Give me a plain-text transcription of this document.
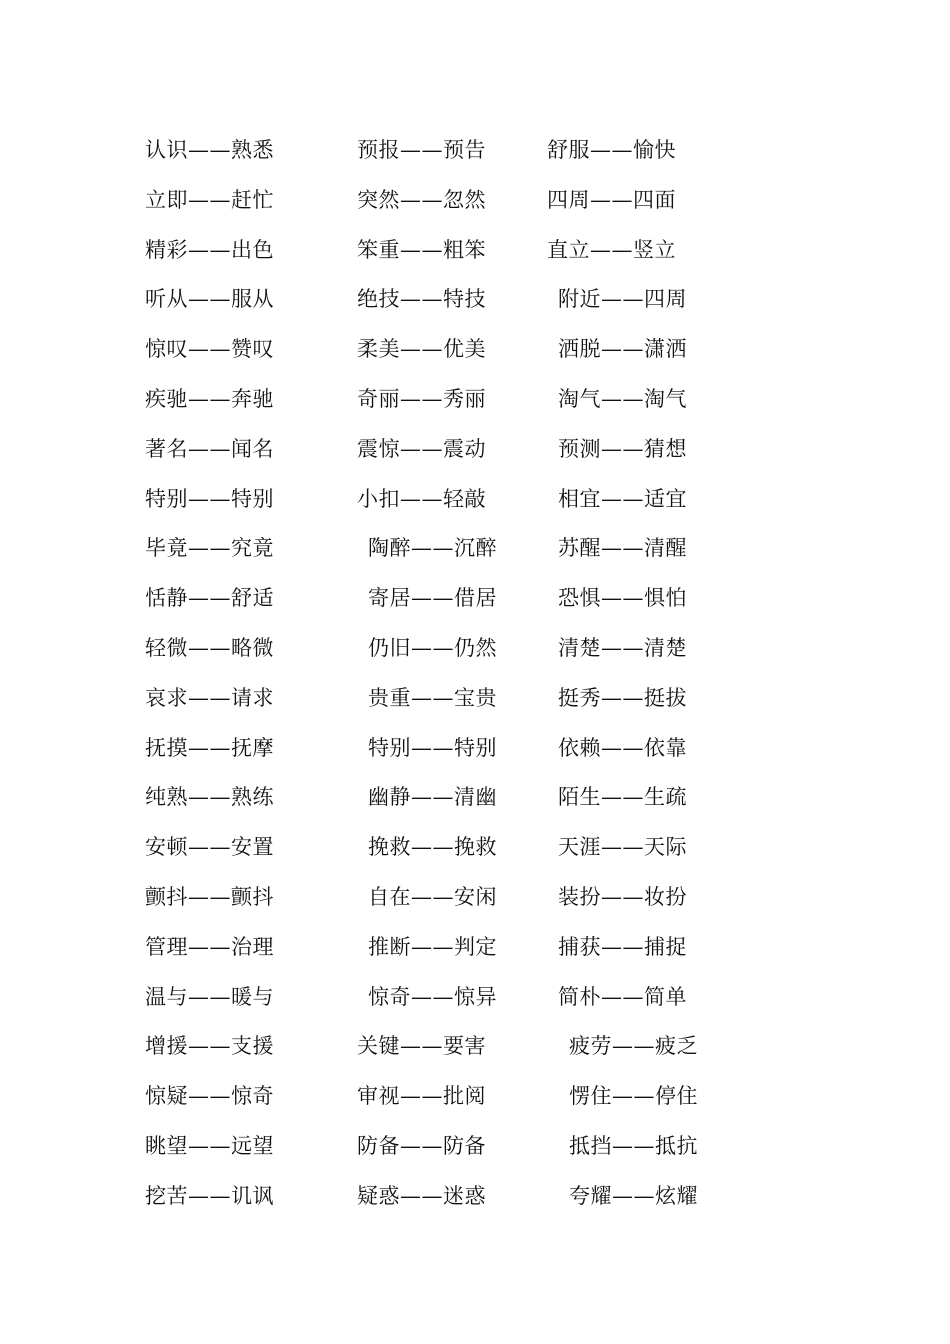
认识——熟悉	预报——预告	舒服——愉快
立即——赶忙	突然——忽然	四周——四面
精彩——出色	笨重——粗笨	直立——竖立
听从——服从	绝技——特技	附近——四周
惊叹——赞叹	柔美——优美	洒脱——潇洒
疾驰——奔驰	奇丽——秀丽	淘气——淘气
著名——闻名	震惊——震动	预测——猜想
特别——特别	小扣——轻敲	相宜——适宜
毕竟——究竟	陶醉——沉醉	苏醒——清醒
恬静——舒适	寄居——借居	恐惧——惧怕
轻微——略微	仍旧——仍然	清楚——清楚
哀求——请求	贵重——宝贵	挺秀——挺拔
抚摸——抚摩	特别——特别	依赖——依靠
纯熟——熟练	幽静——清幽	陌生——生疏
安顿——安置	挽救——挽救	天涯——天际
颤抖——颤抖	自在——安闲	装扮——妆扮
管理——治理	推断——判定	捕获——捕捉
温与——暖与	惊奇——惊异	简朴——简单
增援——支援	关键——要害	疲劳——疲乏
惊疑——惊奇	审视——批阅	愣住——停住
眺望——远望	防备——防备	抵挡——抵抗
挖苦——讥讽	疑惑——迷惑	夸耀——炫耀
